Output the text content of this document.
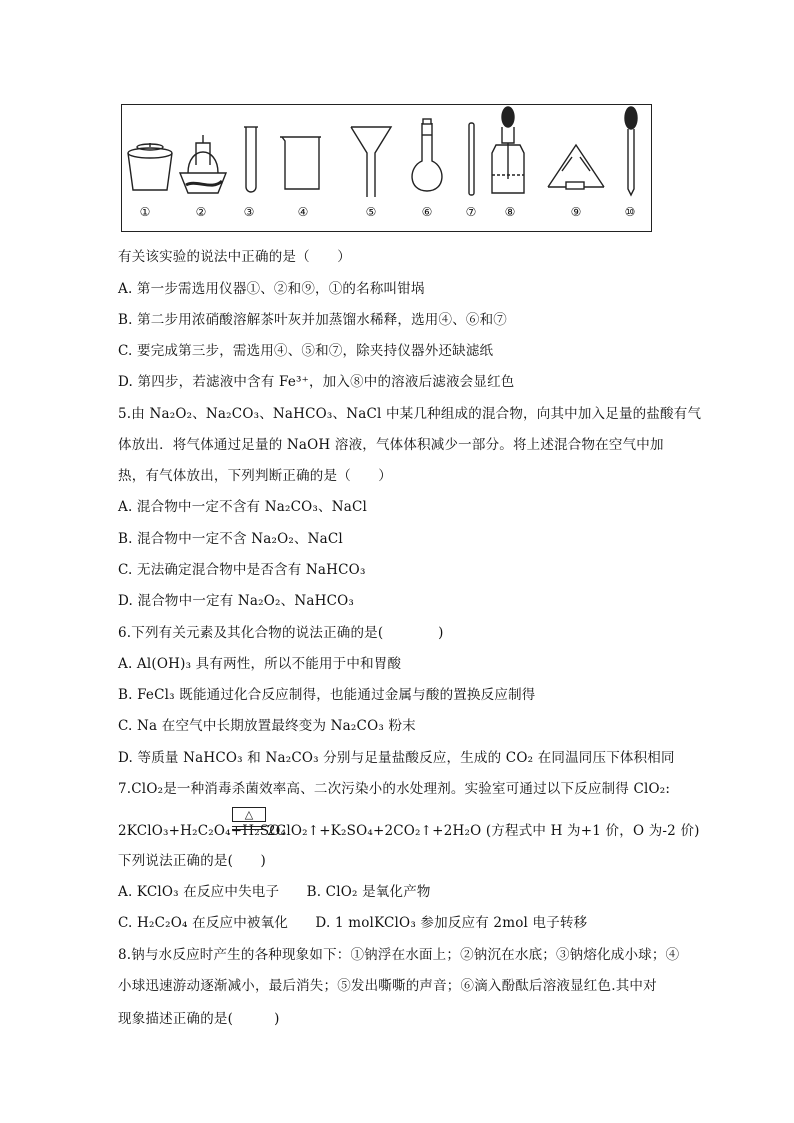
①	②	③	④	⑤	⑥	⑦ ⑧	⑨	⑩
有关该实验的说法中正确的是（　　）
A. 第一步需选用仪器①、②和⑨，①的名称叫钳埚
B. 第二步用浓硝酸溶解茶叶灰并加蒸馏水稀释，选用④、⑥和⑦
C. 要完成第三步，需选用④、⑤和⑦，除夹持仪器外还缺滤纸
D. 第四步，若滤液中含有 Fe³⁺，加入⑧中的溶液后滤液会显红色
5.由 Na₂O₂、Na₂CO₃、NaHCO₃、NaCl 中某几种组成的混合物，向其中加入足量的盐酸有气
体放出．将气体通过足量的 NaOH 溶液，气体体积减少一部分。将上述混合物在空气中加
热，有气体放出，下列判断正确的是（　　）
A. 混合物中一定不含有 Na₂CO₃、NaCl
B. 混合物中一定不含 Na₂O₂、NaCl
C. 无法确定混合物中是否含有 NaHCO₃
D. 混合物中一定有 Na₂O₂、NaHCO₃
6.下列有关元素及其化合物的说法正确的是(　　　　)
A. Al(OH)₃ 具有两性，所以不能用于中和胃酸
B. FeCl₃ 既能通过化合反应制得，也能通过金属与酸的置换反应制得
C. Na 在空气中长期放置最终变为 Na₂CO₃ 粉末
D. 等质量 NaHCO₃ 和 Na₂CO₃ 分别与足量盐酸反应，生成的 CO₂ 在同温同压下体积相同
7.ClO₂是一种消毒杀菌效率高、二次污染小的水处理剂。实验室可通过以下反应制得 ClO₂:
2KClO₃+H₂C₂O₄+H₂SO₄
△
2ClO₂↑+K₂SO₄+2CO₂↑+2H₂O (方程式中 H 为+1 价，O 为-2 价)
下列说法正确的是(　　)
A. KClO₃ 在反应中失电子　　B. ClO₂ 是氧化产物
C. H₂C₂O₄ 在反应中被氧化　　D. 1 molKClO₃ 参加反应有 2mol 电子转移
8.钠与水反应时产生的各种现象如下：①钠浮在水面上；②钠沉在水底；③钠熔化成小球；④
小球迅速游动逐渐减小，最后消失；⑤发出嘶嘶的声音；⑥滴入酚酞后溶液显红色.其中对
现象描述正确的是(　　　)
